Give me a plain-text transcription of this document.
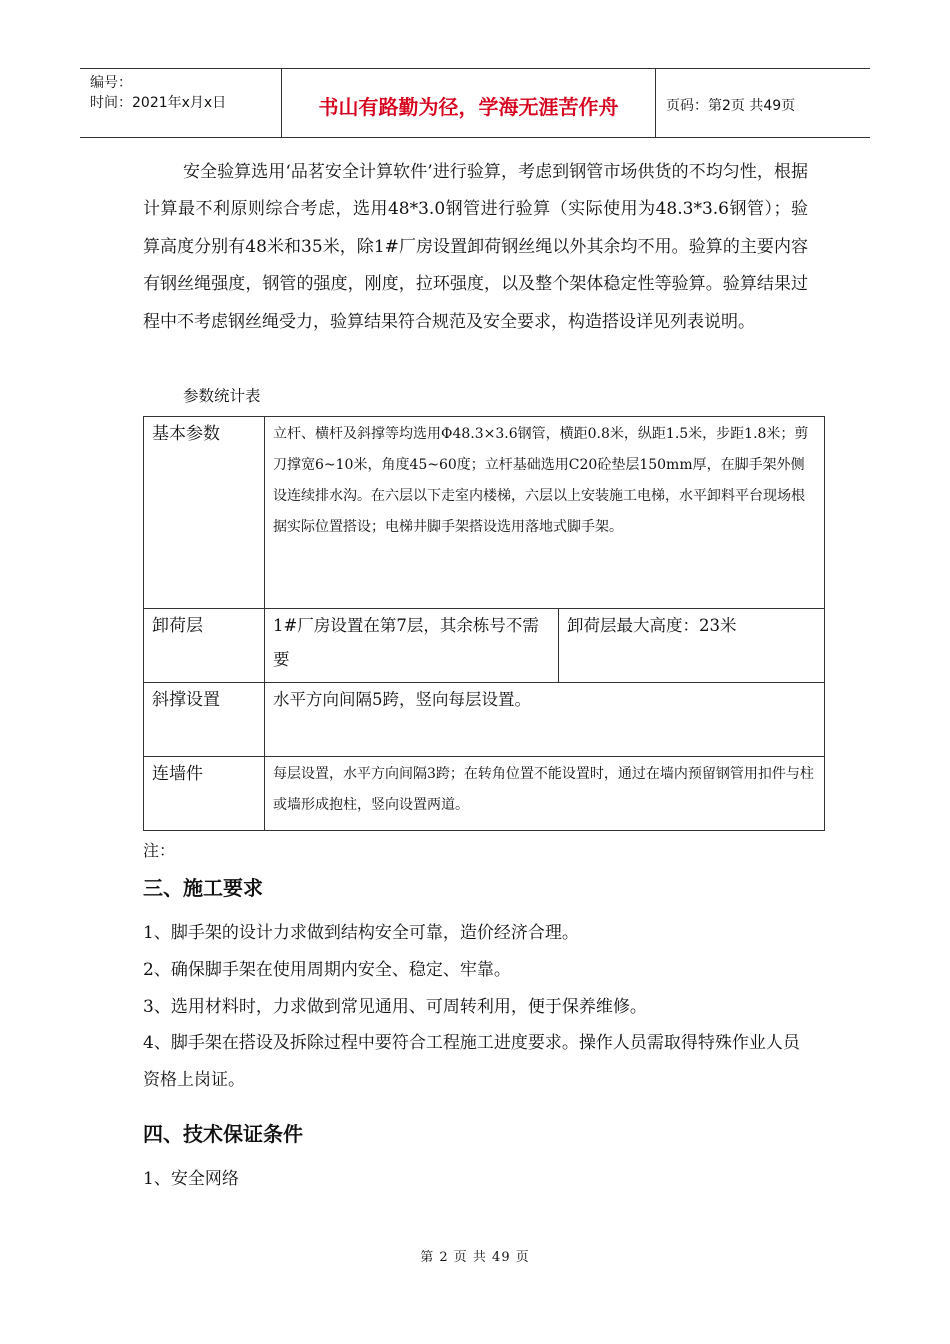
编号：
时间：2021年x月x日	书山有路勤为径，学海无涯苦作舟	页码：第2页 共49页
安全验算选用‘品茗安全计算软件’进行验算，考虑到钢管市场供货的不均匀性，根据计算最不利原则综合考虑，选用48*3.0钢管进行验算（实际使用为48.3*3.6钢管）；验算高度分别有48米和35米，除1#厂房设置卸荷钢丝绳以外其余均不用。验算的主要内容有钢丝绳强度，钢管的强度，刚度，拉环强度，以及整个架体稳定性等验算。验算结果过程中不考虑钢丝绳受力，验算结果符合规范及安全要求，构造搭设详见列表说明。
参数统计表
基本参数	立杆、横杆及斜撑等均选用Φ48.3×3.6钢管，横距0.8米，纵距1.5米，步距1.8米；剪刀撑宽6~10米，角度45~60度；立杆基础选用C20砼垫层150mm厚，在脚手架外侧设连续排水沟。在六层以下走室内楼梯，六层以上安装施工电梯，水平卸料平台现场根据实际位置搭设；电梯井脚手架搭设选用落地式脚手架。	
卸荷层	1#厂房设置在第7层，其余栋号不需要	卸荷层最大高度：23米
斜撑设置	水平方向间隔5跨，竖向每层设置。	
连墙件	每层设置，水平方向间隔3跨；在转角位置不能设置时，通过在墙内预留钢管用扣件与柱或墙形成抱柱，竖向设置两道。	
注：
三、施工要求
1、脚手架的设计力求做到结构安全可靠，造价经济合理。
2、确保脚手架在使用周期内安全、稳定、牢靠。
3、选用材料时，力求做到常见通用、可周转利用，便于保养维修。
4、脚手架在搭设及拆除过程中要符合工程施工进度要求。操作人员需取得特殊作业人员资格上岗证。
四、技术保证条件
1、安全网络
第 2 页 共 49 页
